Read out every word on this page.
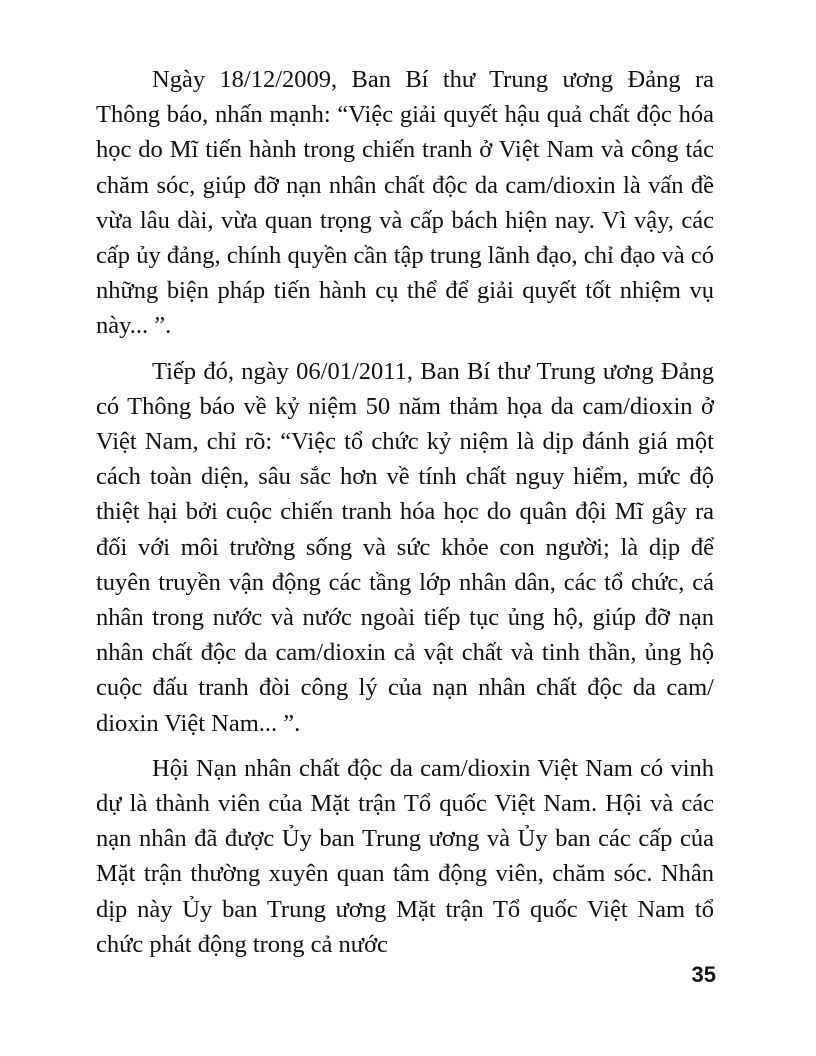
Ngày 18/12/2009, Ban Bí thư Trung ương Đảng ra Thông báo, nhấn mạnh: “Việc giải quyết hậu quả chất độc hóa học do Mĩ tiến hành trong chiến tranh ở Việt Nam và công tác chăm sóc, giúp đỡ nạn nhân chất độc da cam/dioxin là vấn đề vừa lâu dài, vừa quan trọng và cấp bách hiện nay. Vì vậy, các cấp ủy đảng, chính quyền cần tập trung lãnh đạo, chỉ đạo và có những biện pháp tiến hành cụ thể để giải quyết tốt nhiệm vụ này... ”.

Tiếp đó, ngày 06/01/2011, Ban Bí thư Trung ương Đảng có Thông báo về kỷ niệm 50 năm thảm họa da cam/dioxin ở Việt Nam, chỉ rõ: “Việc tổ chức kỷ niệm là dịp đánh giá một cách toàn diện, sâu sắc hơn về tính chất nguy hiểm, mức độ thiệt hại bởi cuộc chiến tranh hóa học do quân đội Mĩ gây ra đối với môi trường sống và sức khỏe con người; là dịp để tuyên truyền vận động các tầng lớp nhân dân, các tổ chức, cá nhân trong nước và nước ngoài tiếp tục ủng hộ, giúp đỡ nạn nhân chất độc da cam/dioxin cả vật chất và tinh thần, ủng hộ cuộc đấu tranh đòi công lý của nạn nhân chất độc da cam/ dioxin Việt Nam... ”.

Hội Nạn nhân chất độc da cam/dioxin Việt Nam có vinh dự là thành viên của Mặt trận Tổ quốc Việt Nam. Hội và các nạn nhân đã được Ủy ban Trung ương và Ủy ban các cấp của Mặt trận thường xuyên quan tâm động viên, chăm sóc. Nhân dịp này Ủy ban Trung ương Mặt trận Tổ quốc Việt Nam tổ chức phát động trong cả nước

35
